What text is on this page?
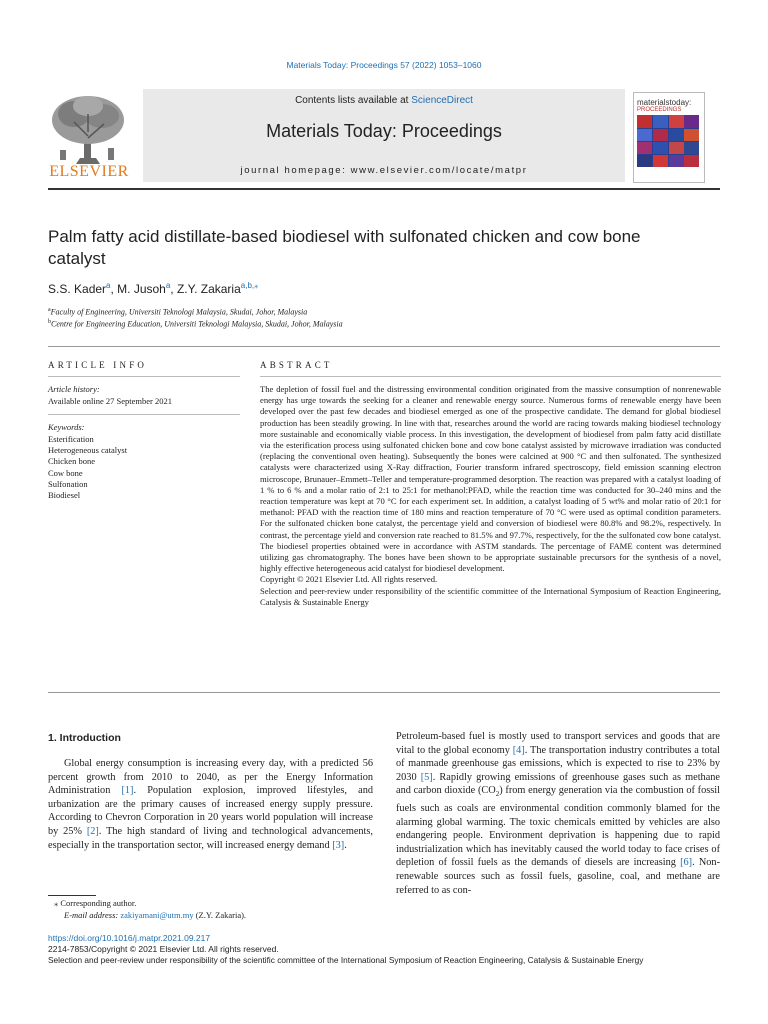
Materials Today: Proceedings 57 (2022) 1053–1060
ELSEVIER
Contents lists available at ScienceDirect
Materials Today: Proceedings
journal homepage: www.elsevier.com/locate/matpr
materialstoday:
PROCEEDINGS
Palm fatty acid distillate-based biodiesel with sulfonated chicken and cow bone catalyst
S.S. Kader$^a$, M. Jusoh$^a$, Z.Y. Zakaria$^{a,b,⁎}$
$^a$Faculty of Engineering, Universiti Teknologi Malaysia, Skudai, Johor, Malaysia
$^b$Centre for Engineering Education, Universiti Teknologi Malaysia, Skudai, Johor, Malaysia
ARTICLE INFO	ABSTRACT
Article history:
Available online 27 September 2021
Keywords:
Esterification
Heterogeneous catalyst
Chicken bone
Cow bone
Sulfonation
Biodiesel

The depletion of fossil fuel and the distressing environmental condition originated from the massive consumption of nonrenewable energy has urge towards the seeking for a cleaner and renewable energy source. Numerous forms of renewable energy have been developed over the past few decades and biodiesel emerged as one of the prospective candidate. The demand for global biodiesel production has been steadily growing. In line with that, researches around the world are racing towards making biodiesel technology more sustainable and economically viable process. In this investigation, the development of biodiesel from palm fatty acid distillate via the esterification process using sulfonated chicken bone and cow bone catalyst assisted by microwave irradiation was conducted (replacing the conventional oven heating). Subsequently the bones were calcined at 900 °C and then sulfonated. The synthesized catalysts were characterized using X-Ray diffraction, Fourier transform infrared spectroscopy, field emission scanning electron microscope, Brunauer–Emmett–Teller and temperature-programmed desorption. The reaction was prepared with a catalyst loading of 1 % to 6 % and a molar ratio of 2:1 to 25:1 for methanol:PFAD, while the reaction time was conducted for 30–240 mins and the reaction temperature was kept at 70 °C for each experiment set. In addition, a catalyst loading of 5 wt% and molar ratio of 20:1 for methanol: PFAD with the reaction time of 180 mins and reaction temperature of 70 °C were used as optimal condition parameters. For the sulfonated chicken bone catalyst, the percentage yield and conversion of biodiesel were 80.8% and 98.2%, respectively. In contrast, the percentage yield and conversion rate reached to 81.5% and 97.7%, respectively, for the the sulfonated cow bone catalyst. The biodiesel properties obtained were in accordance with ASTM standards. The percentage of FAME content was determined utilizing gas chromatography. The bones have been shown to be appropriate sustainable precursors for the synthesis of a novel, highly effective heterogeneous acid catalyst for biodiesel development.

Copyright © 2021 Elsevier Ltd. All rights reserved.

Selection and peer-review under responsibility of the scientific committee of the International Symposium of Reaction Engineering, Catalysis & Sustainable Energy

1. Introduction
Global energy consumption is increasing every day, with a predicted 56 percent growth from 2010 to 2040, as per the Energy Information Administration [1]. Population explosion, improved lifestyles, and urbanization are the primary causes of increased energy supply pressure. According to Chevron Corporation in 20 years world population will increase by 25% [2]. The high standard of living and technological advancements, especially in the transportation sector, will increased energy demand [3].
Petroleum-based fuel is mostly used to transport services and goods that are vital to the global economy [4]. The transportation industry contributes a total of manmade greenhouse gas emissions, which is expected to rise to 23% by 2030 [5]. Rapidly growing emissions of greenhouse gases such as methane and carbon dioxide $(CO_2)$ from energy generation via the combustion of fossil fuels such as coals are environmental condition commonly blamed for the alarming global warming. The toxic chemicals emitted by vehicles are also endangering people. Environment deprivation is happening due to rapid industrialization which has inevitably caused the world today to face crises of depletion of fossil fuels as the demands of diesels are increasing [6]. Non-renewable sources such as fossil fuels, gasoline, coal, and methane are referred to as con-
⁎ Corresponding author.
E-mail address: zakiyamani@utm.my (Z.Y. Zakaria).
https://doi.org/10.1016/j.matpr.2021.09.217
2214-7853/Copyright © 2021 Elsevier Ltd. All rights reserved.
Selection and peer-review under responsibility of the scientific committee of the International Symposium of Reaction Engineering, Catalysis & Sustainable Energy
